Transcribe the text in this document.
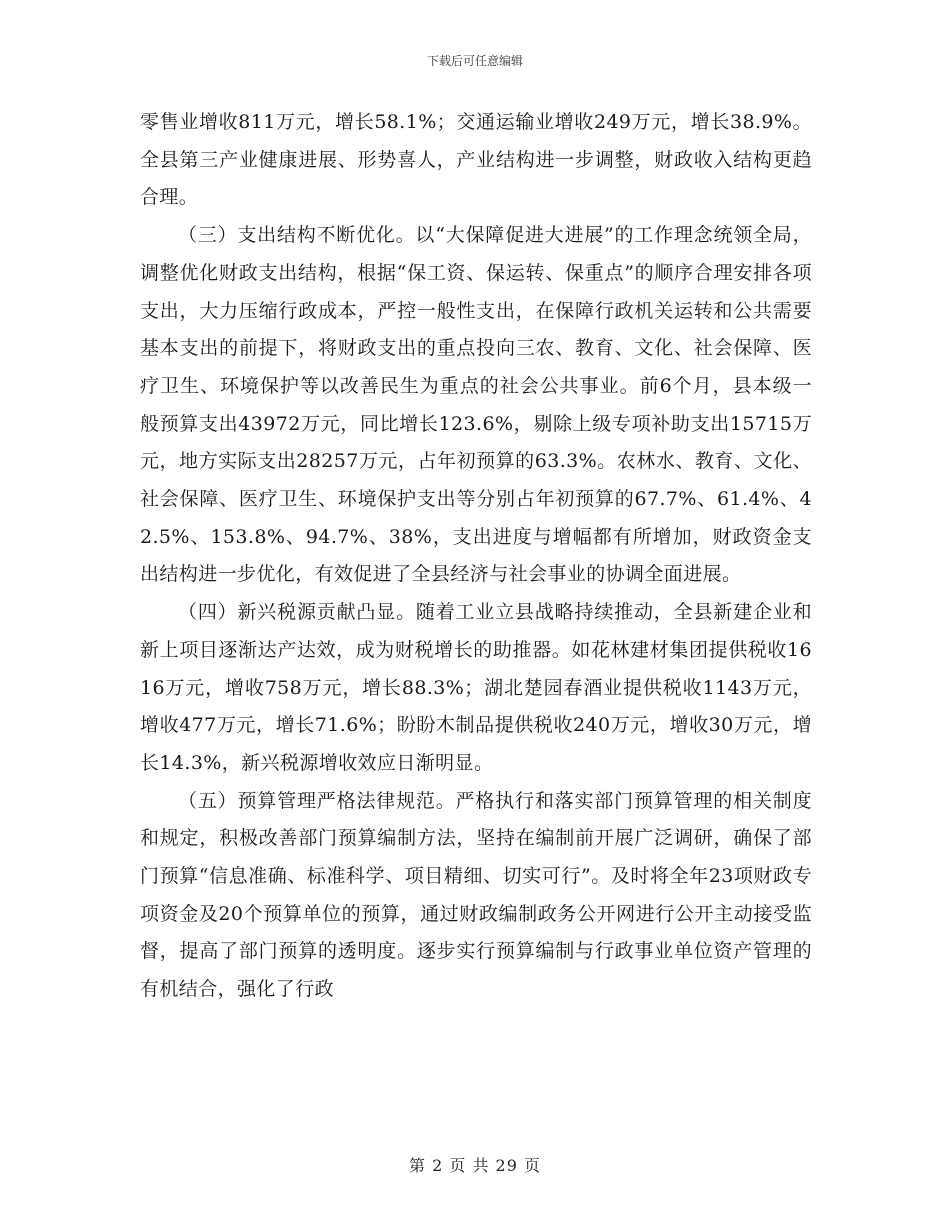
下载后可任意编辑

零售业增收811万元，增长58.1%；交通运输业增收249万元，增长38.9%。全县第三产业健康进展、形势喜人，产业结构进一步调整，财政收入结构更趋合理。

（三）支出结构不断优化。以“大保障促进大进展”的工作理念统领全局，调整优化财政支出结构，根据“保工资、保运转、保重点”的顺序合理安排各项支出，大力压缩行政成本，严控一般性支出，在保障行政机关运转和公共需要基本支出的前提下，将财政支出的重点投向三农、教育、文化、社会保障、医疗卫生、环境保护等以改善民生为重点的社会公共事业。前6个月，县本级一般预算支出43972万元，同比增长123.6%，剔除上级专项补助支出15715万元，地方实际支出28257万元，占年初预算的63.3%。农林水、教育、文化、社会保障、医疗卫生、环境保护支出等分别占年初预算的67.7%、61.4%、42.5%、153.8%、94.7%、38%，支出进度与增幅都有所增加，财政资金支出结构进一步优化，有效促进了全县经济与社会事业的协调全面进展。

（四）新兴税源贡献凸显。随着工业立县战略持续推动，全县新建企业和新上项目逐渐达产达效，成为财税增长的助推器。如花林建材集团提供税收1616万元，增收758万元，增长88.3%；湖北楚园春酒业提供税收1143万元，增收477万元，增长71.6%；盼盼木制品提供税收240万元，增收30万元，增长14.3%，新兴税源增收效应日渐明显。

（五）预算管理严格法律规范。严格执行和落实部门预算管理的相关制度和规定，积极改善部门预算编制方法，坚持在编制前开展广泛调研，确保了部门预算“信息准确、标准科学、项目精细、切实可行”。及时将全年23项财政专项资金及20个预算单位的预算，通过财政编制政务公开网进行公开主动接受监督，提高了部门预算的透明度。逐步实行预算编制与行政事业单位资产管理的有机结合，强化了行政

第 2 页 共 29 页
